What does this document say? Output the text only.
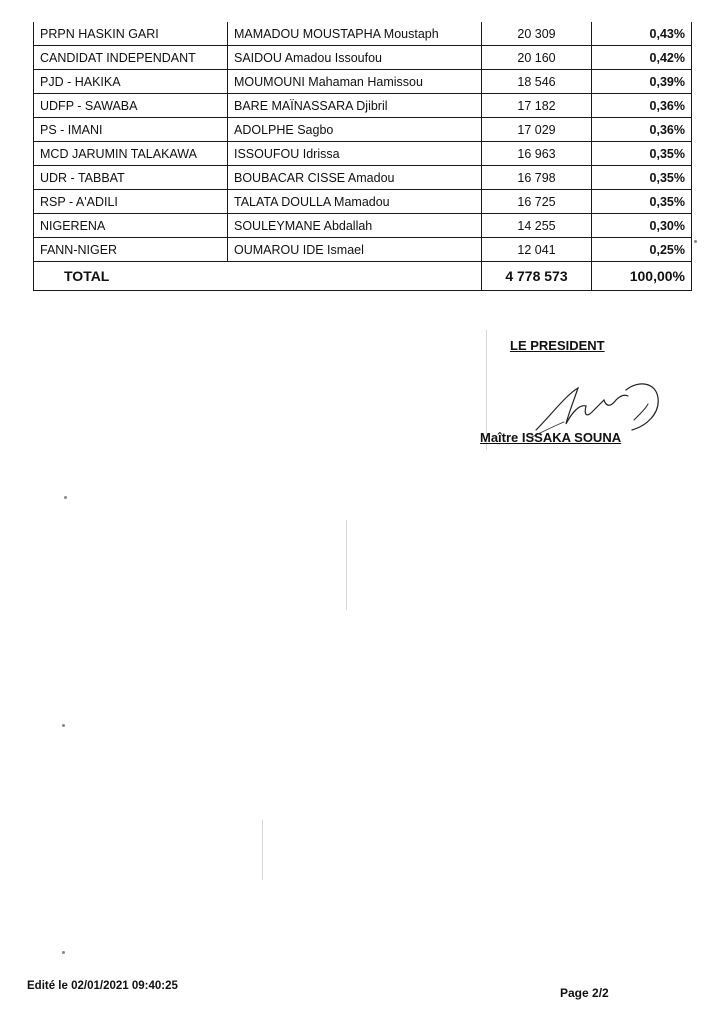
PRPN HASKIN GARI	MAMADOU MOUSTAPHA Moustaph	20 309	0,43%
CANDIDAT INDEPENDANT	SAIDOU Amadou Issoufou	20 160	0,42%
PJD - HAKIKA	MOUMOUNI Mahaman Hamissou	18 546	0,39%
UDFP - SAWABA	BARE MAÏNASSARA Djibril	17 182	0,36%
PS - IMANI	ADOLPHE Sagbo	17 029	0,36%
MCD JARUMIN TALAKAWA	ISSOUFOU Idrissa	16 963	0,35%
UDR - TABBAT	BOUBACAR CISSE Amadou	16 798	0,35%
RSP - A'ADILI	TALATA DOULLA Mamadou	16 725	0,35%
NIGERENA	SOULEYMANE Abdallah	14 255	0,30%
FANN-NIGER	OUMAROU IDE Ismael	12 041	0,25%
TOTAL		4 778 573	100,00%
LE PRESIDENT
Maître ISSAKA SOUNA
Edité le 02/01/2021 09:40:25	Page 2/2
